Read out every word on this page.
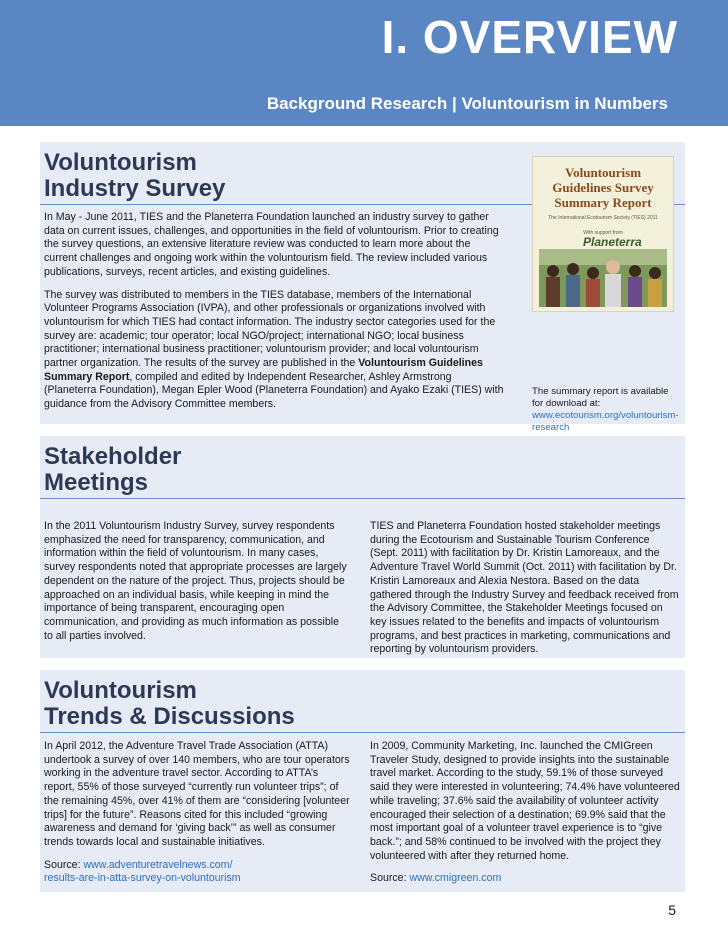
I. OVERVIEW
Background Research | Voluntourism in Numbers
Voluntourism
Industry Survey

In May - June 2011, TIES and the Planeterra Foundation launched an industry survey to gather data on current issues, challenges, and opportunities in the field of voluntourism. Prior to creating the survey questions, an extensive literature review was conducted to learn more about the current challenges and ongoing work within the voluntourism field. The review included various publications, surveys, recent articles, and existing guidelines.

The survey was distributed to members in the TIES database, members of the International Volunteer Programs Association (IVPA), and other professionals or organizations involved with voluntourism for which TIES had contact information. The industry sector categories used for the survey are: academic; tour operator; local NGO/project; international NGO; local business practitioner; international business practitioner; voluntourism provider; and local voluntourism partner organization. The results of the survey are published in the Voluntourism Guidelines Summary Report, compiled and edited by Independent Researcher, Ashley Armstrong (Planeterra Foundation), Megan Epler Wood (Planeterra Foundation) and Ayako Ezaki (TIES) with guidance from the Advisory Committee members.

Voluntourism
Guidelines Survey
Summary Report
The International Ecotourism Society (TIES) 2011
With support from
Planeterra
The summary report is available for download at: www.ecotourism.org/voluntourism-research
Stakeholder
Meetings

In the 2011 Voluntourism Industry Survey, survey respondents emphasized the need for transparency, communication, and information within the field of voluntourism. In many cases, survey respondents noted that appropriate processes are largely dependent on the nature of the project. Thus, projects should be approached on an individual basis, while keeping in mind the importance of being transparent, encouraging open communication, and providing as much information as possible to all parties involved.

TIES and Planeterra Foundation hosted stakeholder meetings during the Ecotourism and Sustainable Tourism Conference (Sept. 2011) with facilitation by Dr. Kristin Lamoreaux, and the Adventure Travel World Summit (Oct. 2011) with facilitation by Dr. Kristin Lamoreaux and Alexia Nestora. Based on the data gathered through the Industry Survey and feedback received from the Advisory Committee, the Stakeholder Meetings focused on key issues related to the benefits and impacts of voluntourism programs, and best practices in marketing, communications and reporting by voluntourism providers.

Voluntourism
Trends & Discussions

In April 2012, the Adventure Travel Trade Association (ATTA) undertook a survey of over 140 members, who are tour operators working in the adventure travel sector. According to ATTA’s report, 55% of those surveyed “currently run volunteer trips”; of the remaining 45%, over 41% of them are “considering [volunteer trips] for the future”. Reasons cited for this included “growing awareness and demand for ‘giving back’” as well as consumer trends towards local and sustainable initiatives.

Source: www.adventuretravelnews.com/
results-are-in-atta-survey-on-voluntourism

In 2009, Community Marketing, Inc. launched the CMIGreen Traveler Study, designed to provide insights into the sustainable travel market. According to the study, 59.1% of those surveyed said they were interested in volunteering; 74.4% have volunteered while traveling; 37.6% said the availability of volunteer activity encouraged their selection of a destination; 69.9% said that the most important goal of a volunteer travel experience is to “give back.”; and 58% continued to be involved with the project they volunteered with after they returned home.

Source: www.cmigreen.com

5
